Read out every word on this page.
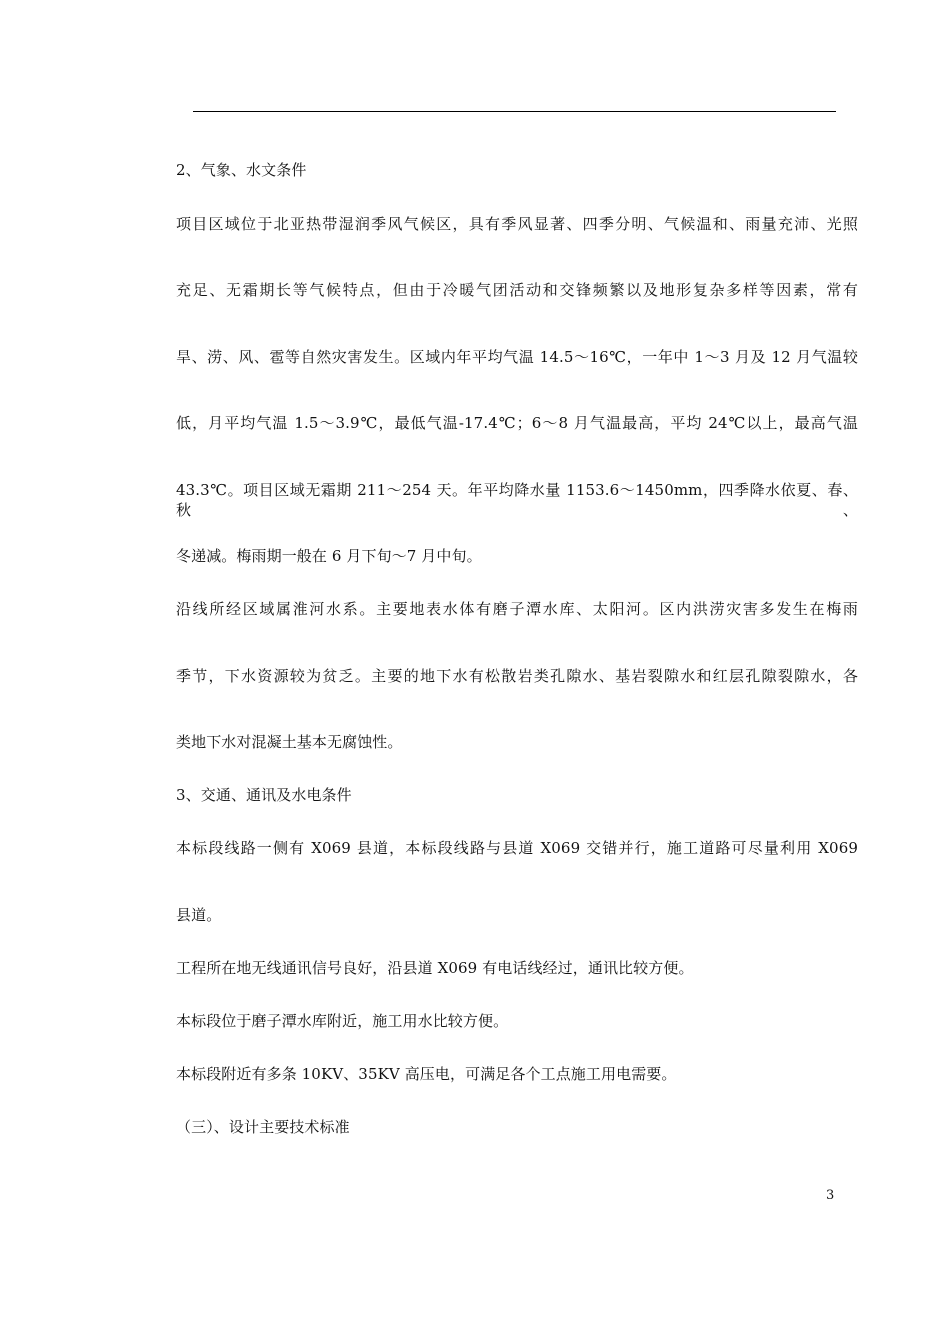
2、气象、水文条件
项目区域位于北亚热带湿润季风气候区，具有季风显著、四季分明、气候温和、雨量充沛、光照
充足、无霜期长等气候特点，但由于冷暖气团活动和交锋频繁以及地形复杂多样等因素，常有
旱、涝、风、雹等自然灾害发生。区域内年平均气温 14.5～16℃，一年中 1～3 月及 12 月气温较
低，月平均气温 1.5～3.9℃，最低气温-17.4℃；6～8 月气温最高，平均 24℃以上，最高气温
43.3℃。项目区域无霜期 211～254 天。年平均降水量 1153.6～1450mm，四季降水依夏、春、秋、
冬递减。梅雨期一般在 6 月下旬～7 月中旬。
沿线所经区域属淮河水系。主要地表水体有磨子潭水库、太阳河。区内洪涝灾害多发生在梅雨
季节，下水资源较为贫乏。主要的地下水有松散岩类孔隙水、基岩裂隙水和红层孔隙裂隙水，各
类地下水对混凝土基本无腐蚀性。
3、交通、通讯及水电条件
本标段线路一侧有 X069 县道，本标段线路与县道 X069 交错并行，施工道路可尽量利用 X069
县道。
工程所在地无线通讯信号良好，沿县道 X069 有电话线经过，通讯比较方便。
本标段位于磨子潭水库附近，施工用水比较方便。
本标段附近有多条 10KV、35KV 高压电，可满足各个工点施工用电需要。
（三）、设计主要技术标准
3
